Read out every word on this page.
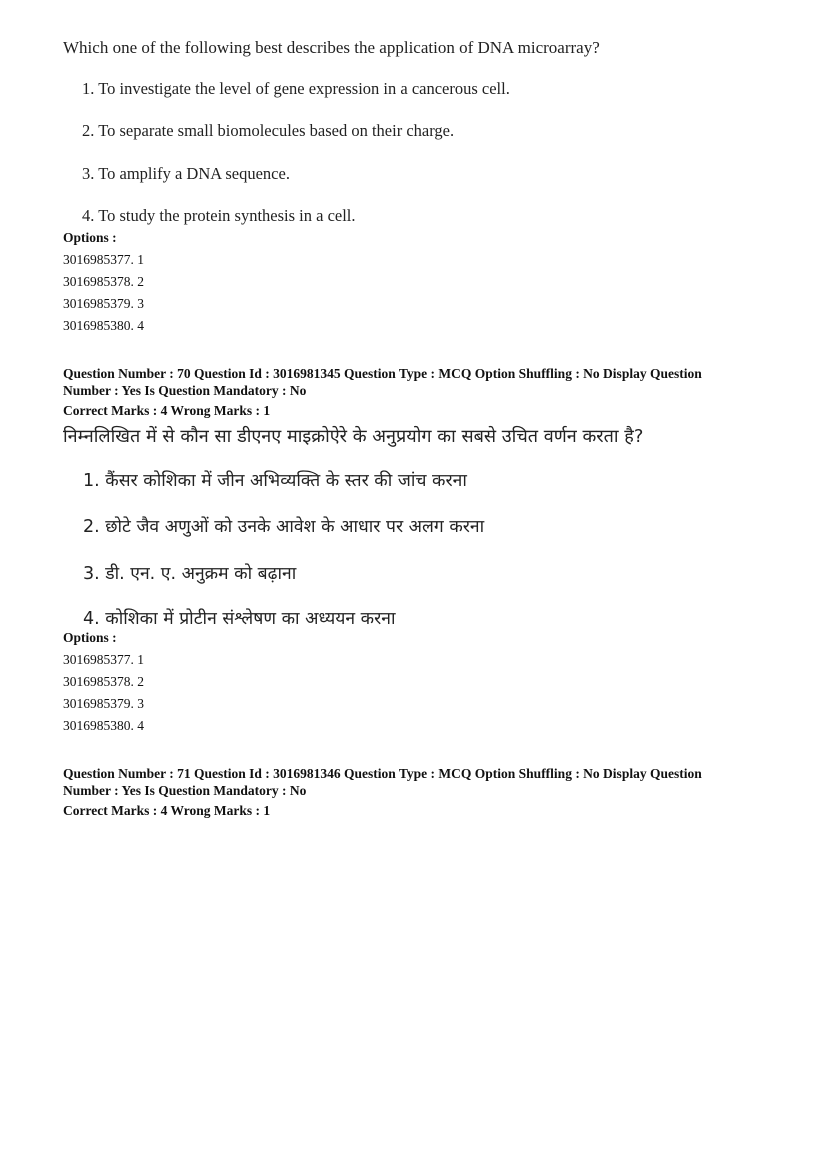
Which one of the following best describes the application of DNA microarray?
1. To investigate the level of gene expression in a cancerous cell.
2. To separate small biomolecules based on their charge.
3. To amplify a DNA sequence.
4. To study the protein synthesis in a cell.
Options :
3016985377. 1
3016985378. 2
3016985379. 3
3016985380. 4
Question Number : 70 Question Id : 3016981345 Question Type : MCQ Option Shuffling : No Display Question
Number : Yes Is Question Mandatory : No
Correct Marks : 4 Wrong Marks : 1
निम्नलिखित में से कौन सा डीएनए माइक्रोऐरे के अनुप्रयोग का सबसे उचित वर्णन करता है?
1. कैंसर कोशिका में जीन अभिव्यक्ति के स्तर की जांच करना
2. छोटे जैव अणुओं को उनके आवेश के आधार पर अलग करना
3. डी. एन. ए. अनुक्रम को बढ़ाना
4. कोशिका में प्रोटीन संश्लेषण का अध्ययन करना
Options :
3016985377. 1
3016985378. 2
3016985379. 3
3016985380. 4
Question Number : 71 Question Id : 3016981346 Question Type : MCQ Option Shuffling : No Display Question
Number : Yes Is Question Mandatory : No
Correct Marks : 4 Wrong Marks : 1
